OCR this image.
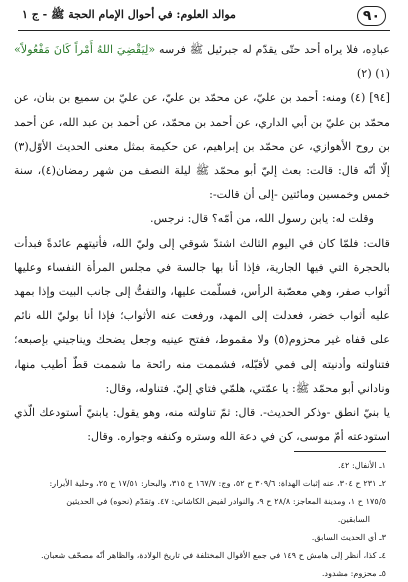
٩٠
موالد العلوم: في أحوال الإمام الحجة ﷺ - ج ١

عبادِه، فلا يراه أحد حتّى يقدّم له جبرئيل ﷺ فرسه «لِيَقْضِيَ اللهُ أَمْراً كَانَ مَفْعُولاً» (١) (٢)

[٩٤] (٤) ومنه: أحمد بن عليّ، عن محمّد بن عليّ، عن عليّ بن سميع بن بنان، عن محمّد بن عليّ بن أبي الداري، عن أحمد بن محمّد، عن أحمد بن عبد الله، عن أحمد بن روح الأهوازي، عن محمّد بن إبراهيم، عن حكيمة بمثل معنى الحديث الأوّل(٣) إلّا أنّه قال: قالت: بعث إليّ أبو محمّد ﷺ ليلة النصف من شهر رمضان(٤)، سنة خمس وخمسين ومائتين -إلى أن قالت-:

وقلت له: يابن رسول الله، من أمّه؟ قال: نرجس.

قالت: فلمّا كان في اليوم الثالث اشتدّ شوقي إلى وليّ الله، فأتيتهم عائدةً فبدأت بالحجرة التي فيها الجارية، فإذا أنا بها جالسة في مجلس المرأة النفساء وعليها أثواب صفر، وهي معصّبة الرأس، فسلّمت عليها، والتفتُّ إلى جانب البيت وإذا بمهد عليه أثواب خضر، فعدلت إلى المهد، ورفعت عنه الأثواب؛ فإذا أنا بوليّ الله نائم على قفاه غير محزوم(٥) ولا مقموط، ففتح عينيه وجعل يضحك ويناجيني بإصبعه؛ فتناولته وأدنيته إلى فمي لأقبّله، فشممت منه رائحة ما شممت قطّ أطيب منها، وناداني أبو محمّد ﷺ: يا عمّتي، هلمّي فتاي إليّ. فتناوله، وقال:

يا بنيّ انطق -وذكر الحديث-. قال: ثمّ تناولته منه، وهو يقول: يابنيّ أستودعك الّذي استودعته أمّ موسى، كن في دعة الله وستره وكنفه وجواره. وقال:

١ـ الأنفال: ٤٢.

٢ـ ٢٣١ ح ٣٠٤، عنه إثبات الهداة: ٣٠٩/٦ ح ٥٢، وج: ١٦٧/٧ ح ٣١٥، والبحار: ١٧/٥١ ح ٢٥، وحلية الأبرار:

١٧٥/٥ ح ١، ومدينة المعاجز: ٢٨/٨ ح ٩، والنوادر لفيض الكاشاني: ٤٧. وتقدّم (نحوه) في الحديثين

السابقين.

٣ـ أي الحديث السابق.

٤ـ كذا، أنظر إلى هامش ح ١٤٩ في جمع الأقوال المختلفة في تاريخ الولادة، والظاهر أنّه مصحّف شعبان.

٥ـ محزوم: مشدود.
